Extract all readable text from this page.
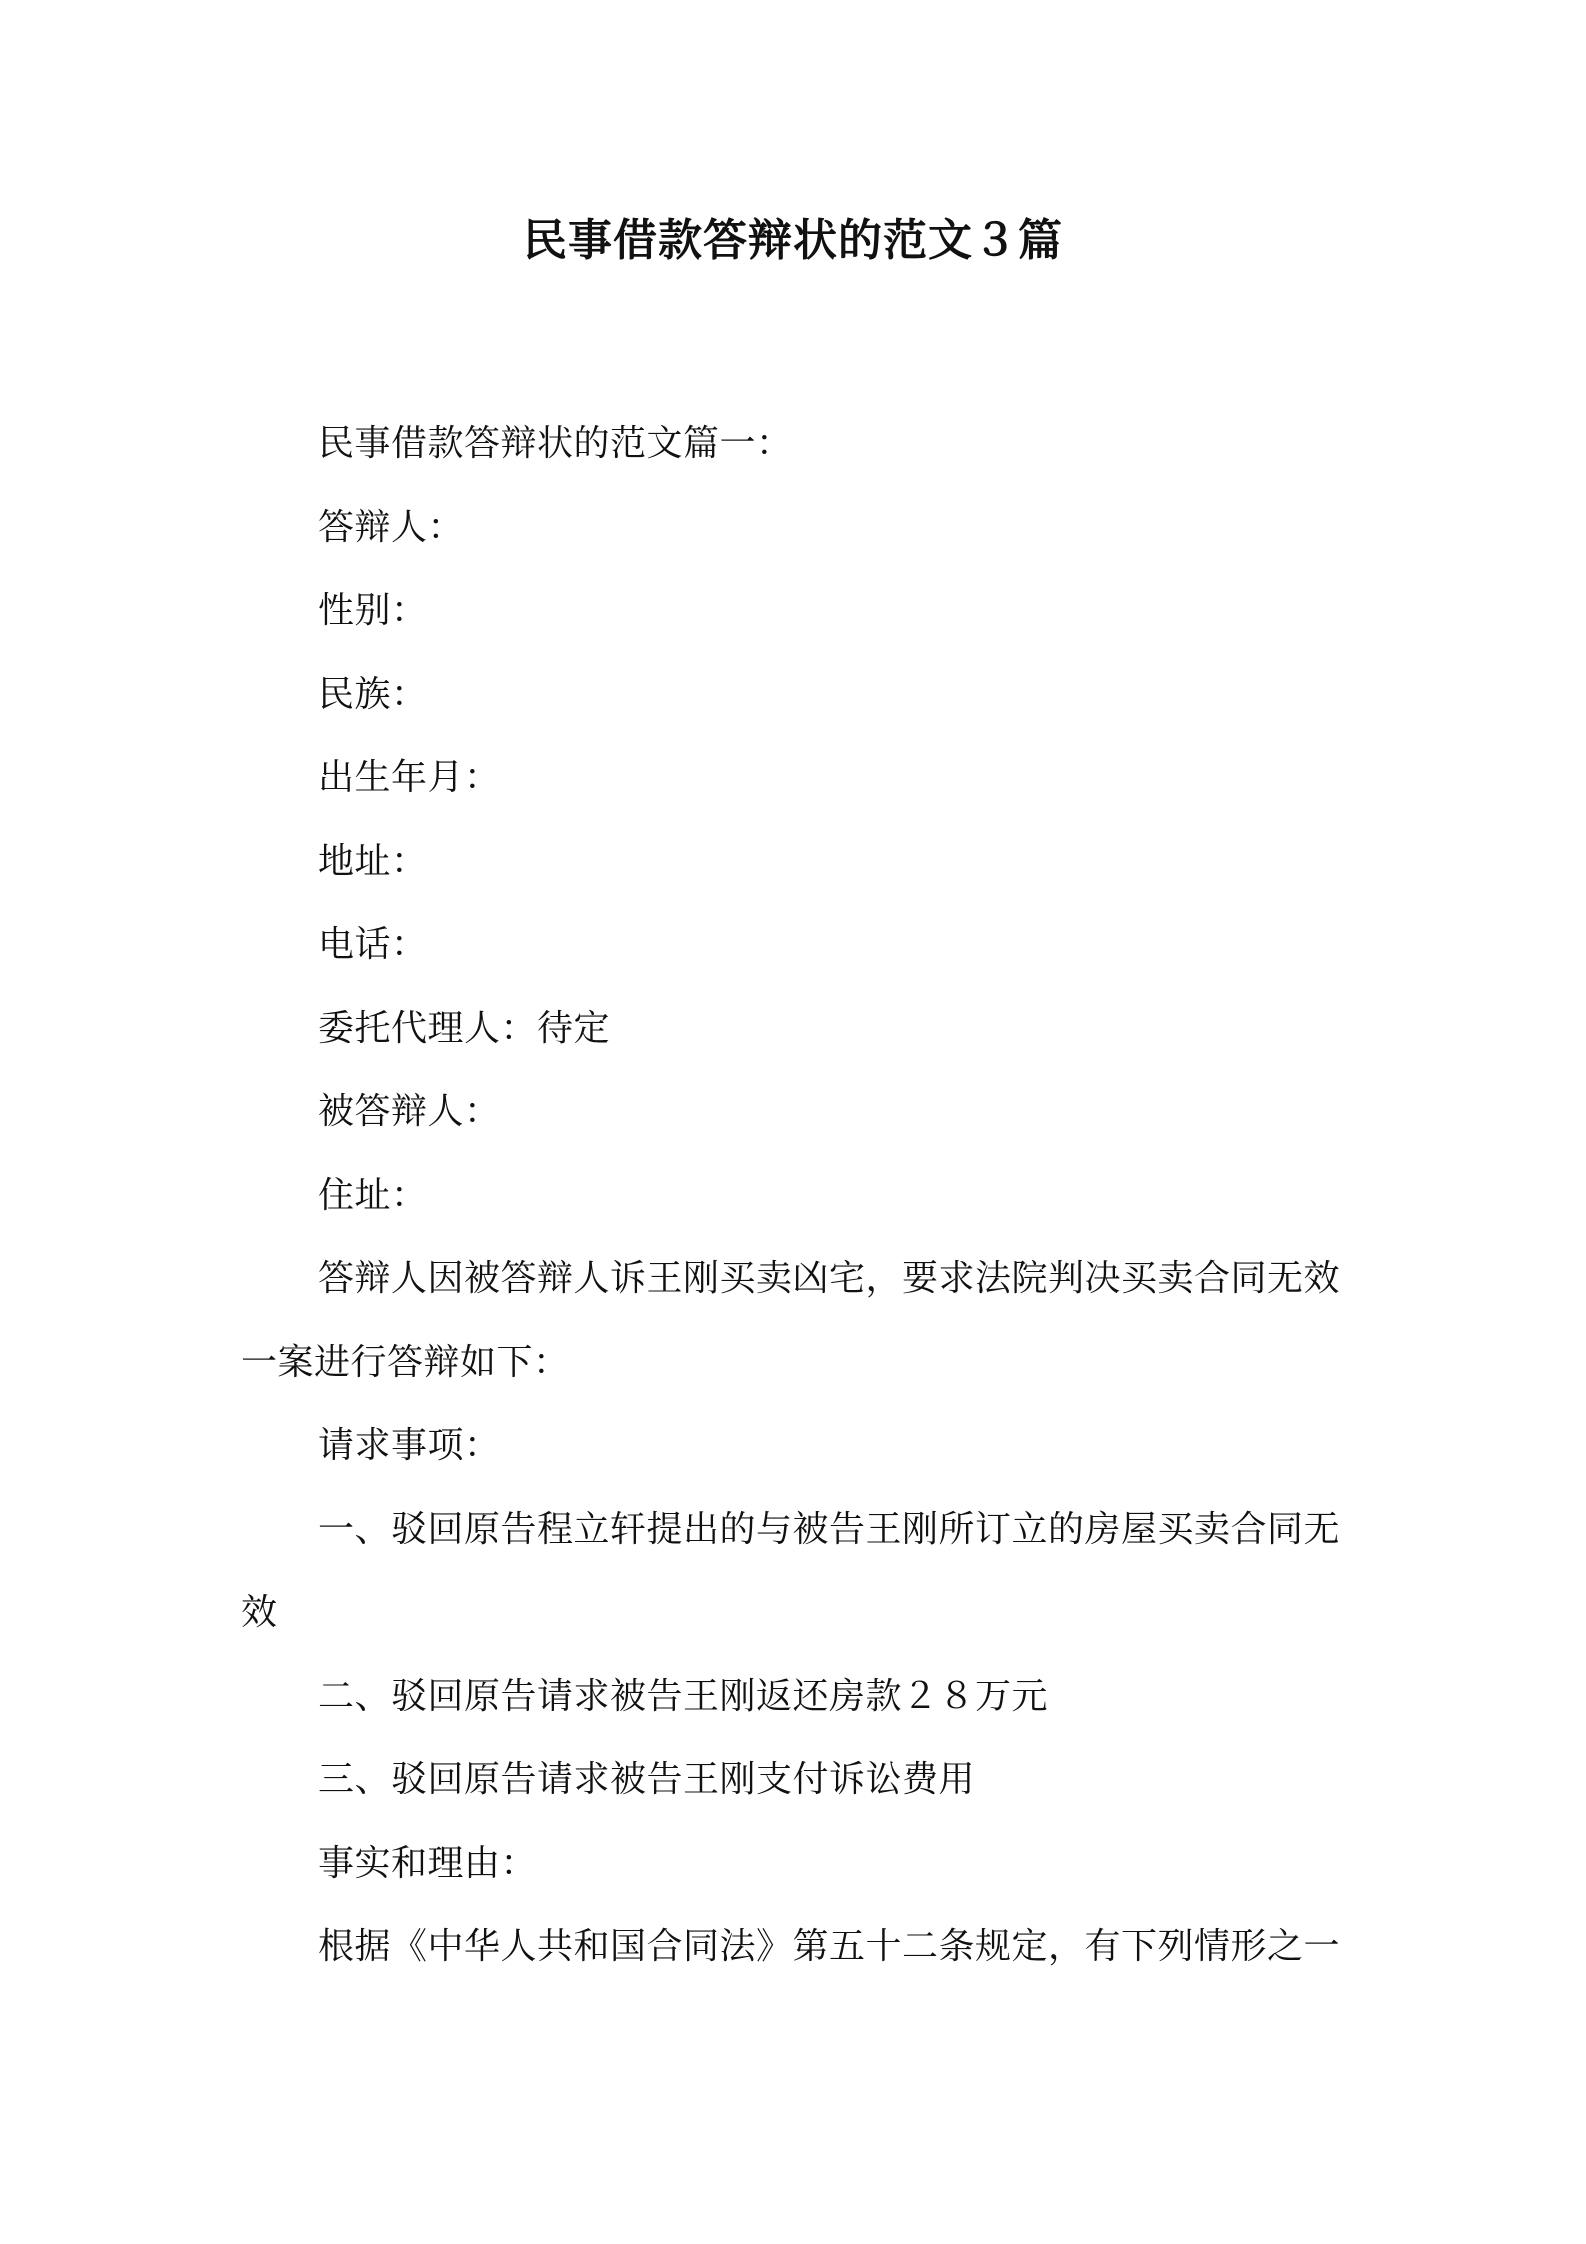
民事借款答辩状的范文３篇
民事借款答辩状的范文篇一：
答辩人：
性别：
民族：
出生年月：
地址：
电话：
委托代理人：待定
被答辩人：
住址：
答辩人因被答辩人诉王刚买卖凶宅，要求法院判决买卖合同无效一案进行答辩如下：
请求事项：
一、驳回原告程立轩提出的与被告王刚所订立的房屋买卖合同无效
二、驳回原告请求被告王刚返还房款２８万元
三、驳回原告请求被告王刚支付诉讼费用
事实和理由：
根据《中华人共和国合同法》第五十二条规定，有下列情形之一
